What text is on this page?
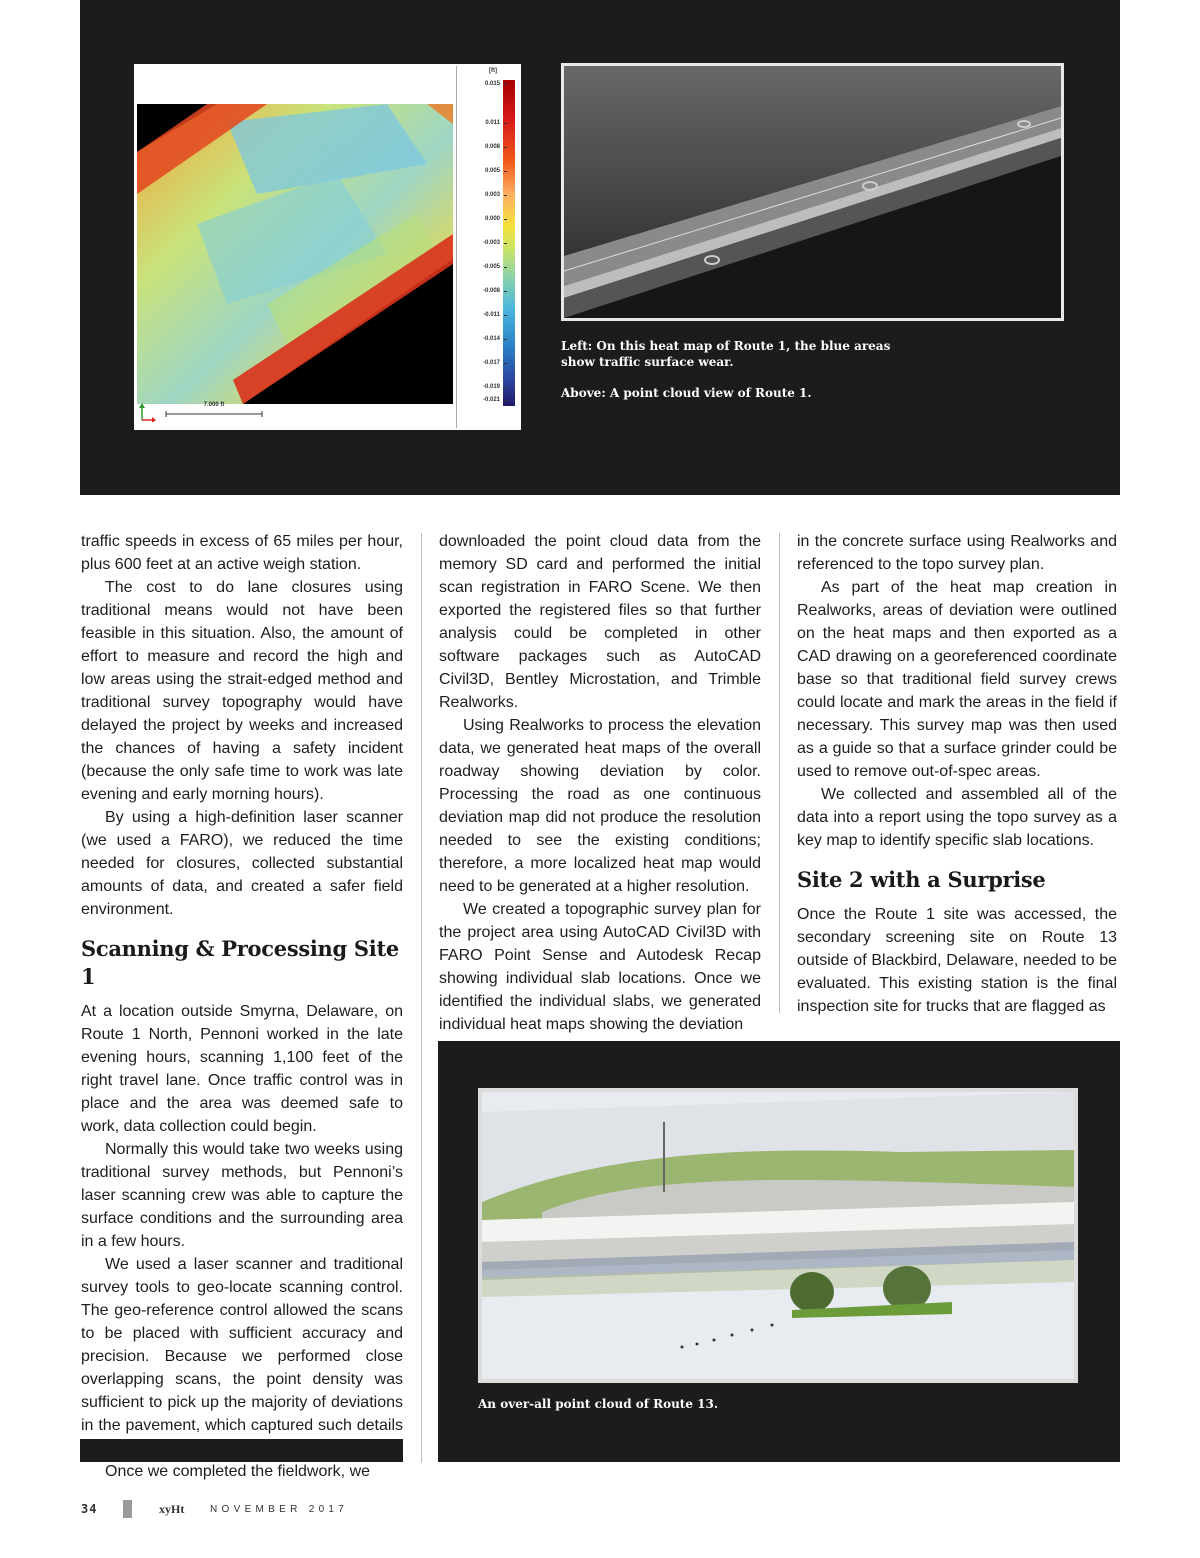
7.000 ft
[ft]
0.015
0.011
0.008
0.005
0.003
0.000
-0.003
-0.005
-0.008
-0.011
-0.014
-0.017
-0.019
-0.021
Left: On this heat map of Route 1, the blue areas show traffic surface wear.
Above: A point cloud view of Route 1.

traffic speeds in excess of 65 miles per hour, plus 600 feet at an active weigh station.

The cost to do lane closures using traditional means would not have been feasible in this situation. Also, the amount of effort to measure and record the high and low areas using the strait-edged method and traditional survey topography would have delayed the project by weeks and increased the chances of having a safety incident (because the only safe time to work was late evening and early morning hours).

By using a high-definition laser scanner (we used a FARO), we reduced the time needed for closures, collected substantial amounts of data, and created a safer field environment.

Scanning & Processing Site 1

At a location outside Smyrna, Delaware, on Route 1 North, Pennoni worked in the late evening hours, scanning 1,100 feet of the right travel lane. Once traffic control was in place and the area was deemed safe to work, data collection could begin.

Normally this would take two weeks using traditional survey methods, but Pennoni’s laser scanning crew was able to capture the surface conditions and the surrounding area in a few hours.

We used a laser scanner and traditional survey tools to geo-locate scanning control. The geo-reference control allowed the scans to be placed with sufficient accuracy and precision. Because we performed close overlapping scans, the point density was sufficient to pick up the majority of deviations in the pavement, which captured such details

Once we completed the fieldwork, we

downloaded the point cloud data from the memory SD card and performed the initial scan registration in FARO Scene. We then exported the registered files so that further analysis could be completed in other software packages such as AutoCAD Civil3D, Bentley Microstation, and Trimble Realworks.

Using Realworks to process the elevation data, we generated heat maps of the overall roadway showing deviation by color. Processing the road as one continuous deviation map did not produce the resolution needed to see the existing conditions; therefore, a more localized heat map would need to be generated at a higher resolution.

We created a topographic survey plan for the project area using AutoCAD Civil3D with FARO Point Sense and Autodesk Recap showing individual slab locations. Once we identified the individual slabs, we generated individual heat maps showing the deviation

in the concrete surface using Realworks and referenced to the topo survey plan.

As part of the heat map creation in Realworks, areas of deviation were outlined on the heat maps and then exported as a CAD drawing on a georeferenced coordinate base so that traditional field survey crews could locate and mark the areas in the field if necessary. This survey map was then used as a guide so that a surface grinder could be used to remove out-of-spec areas.

We collected and assembled all of the data into a report using the topo survey as a key map to identify specific slab locations.

Site 2 with a Surprise

Once the Route 1 site was accessed, the secondary screening site on Route 13 outside of Blackbird, Delaware, needed to be evaluated. This existing station is the final inspection site for trucks that are flagged as

An over-all point cloud of Route 13.
34	xyHt	NOVEMBER 2017
